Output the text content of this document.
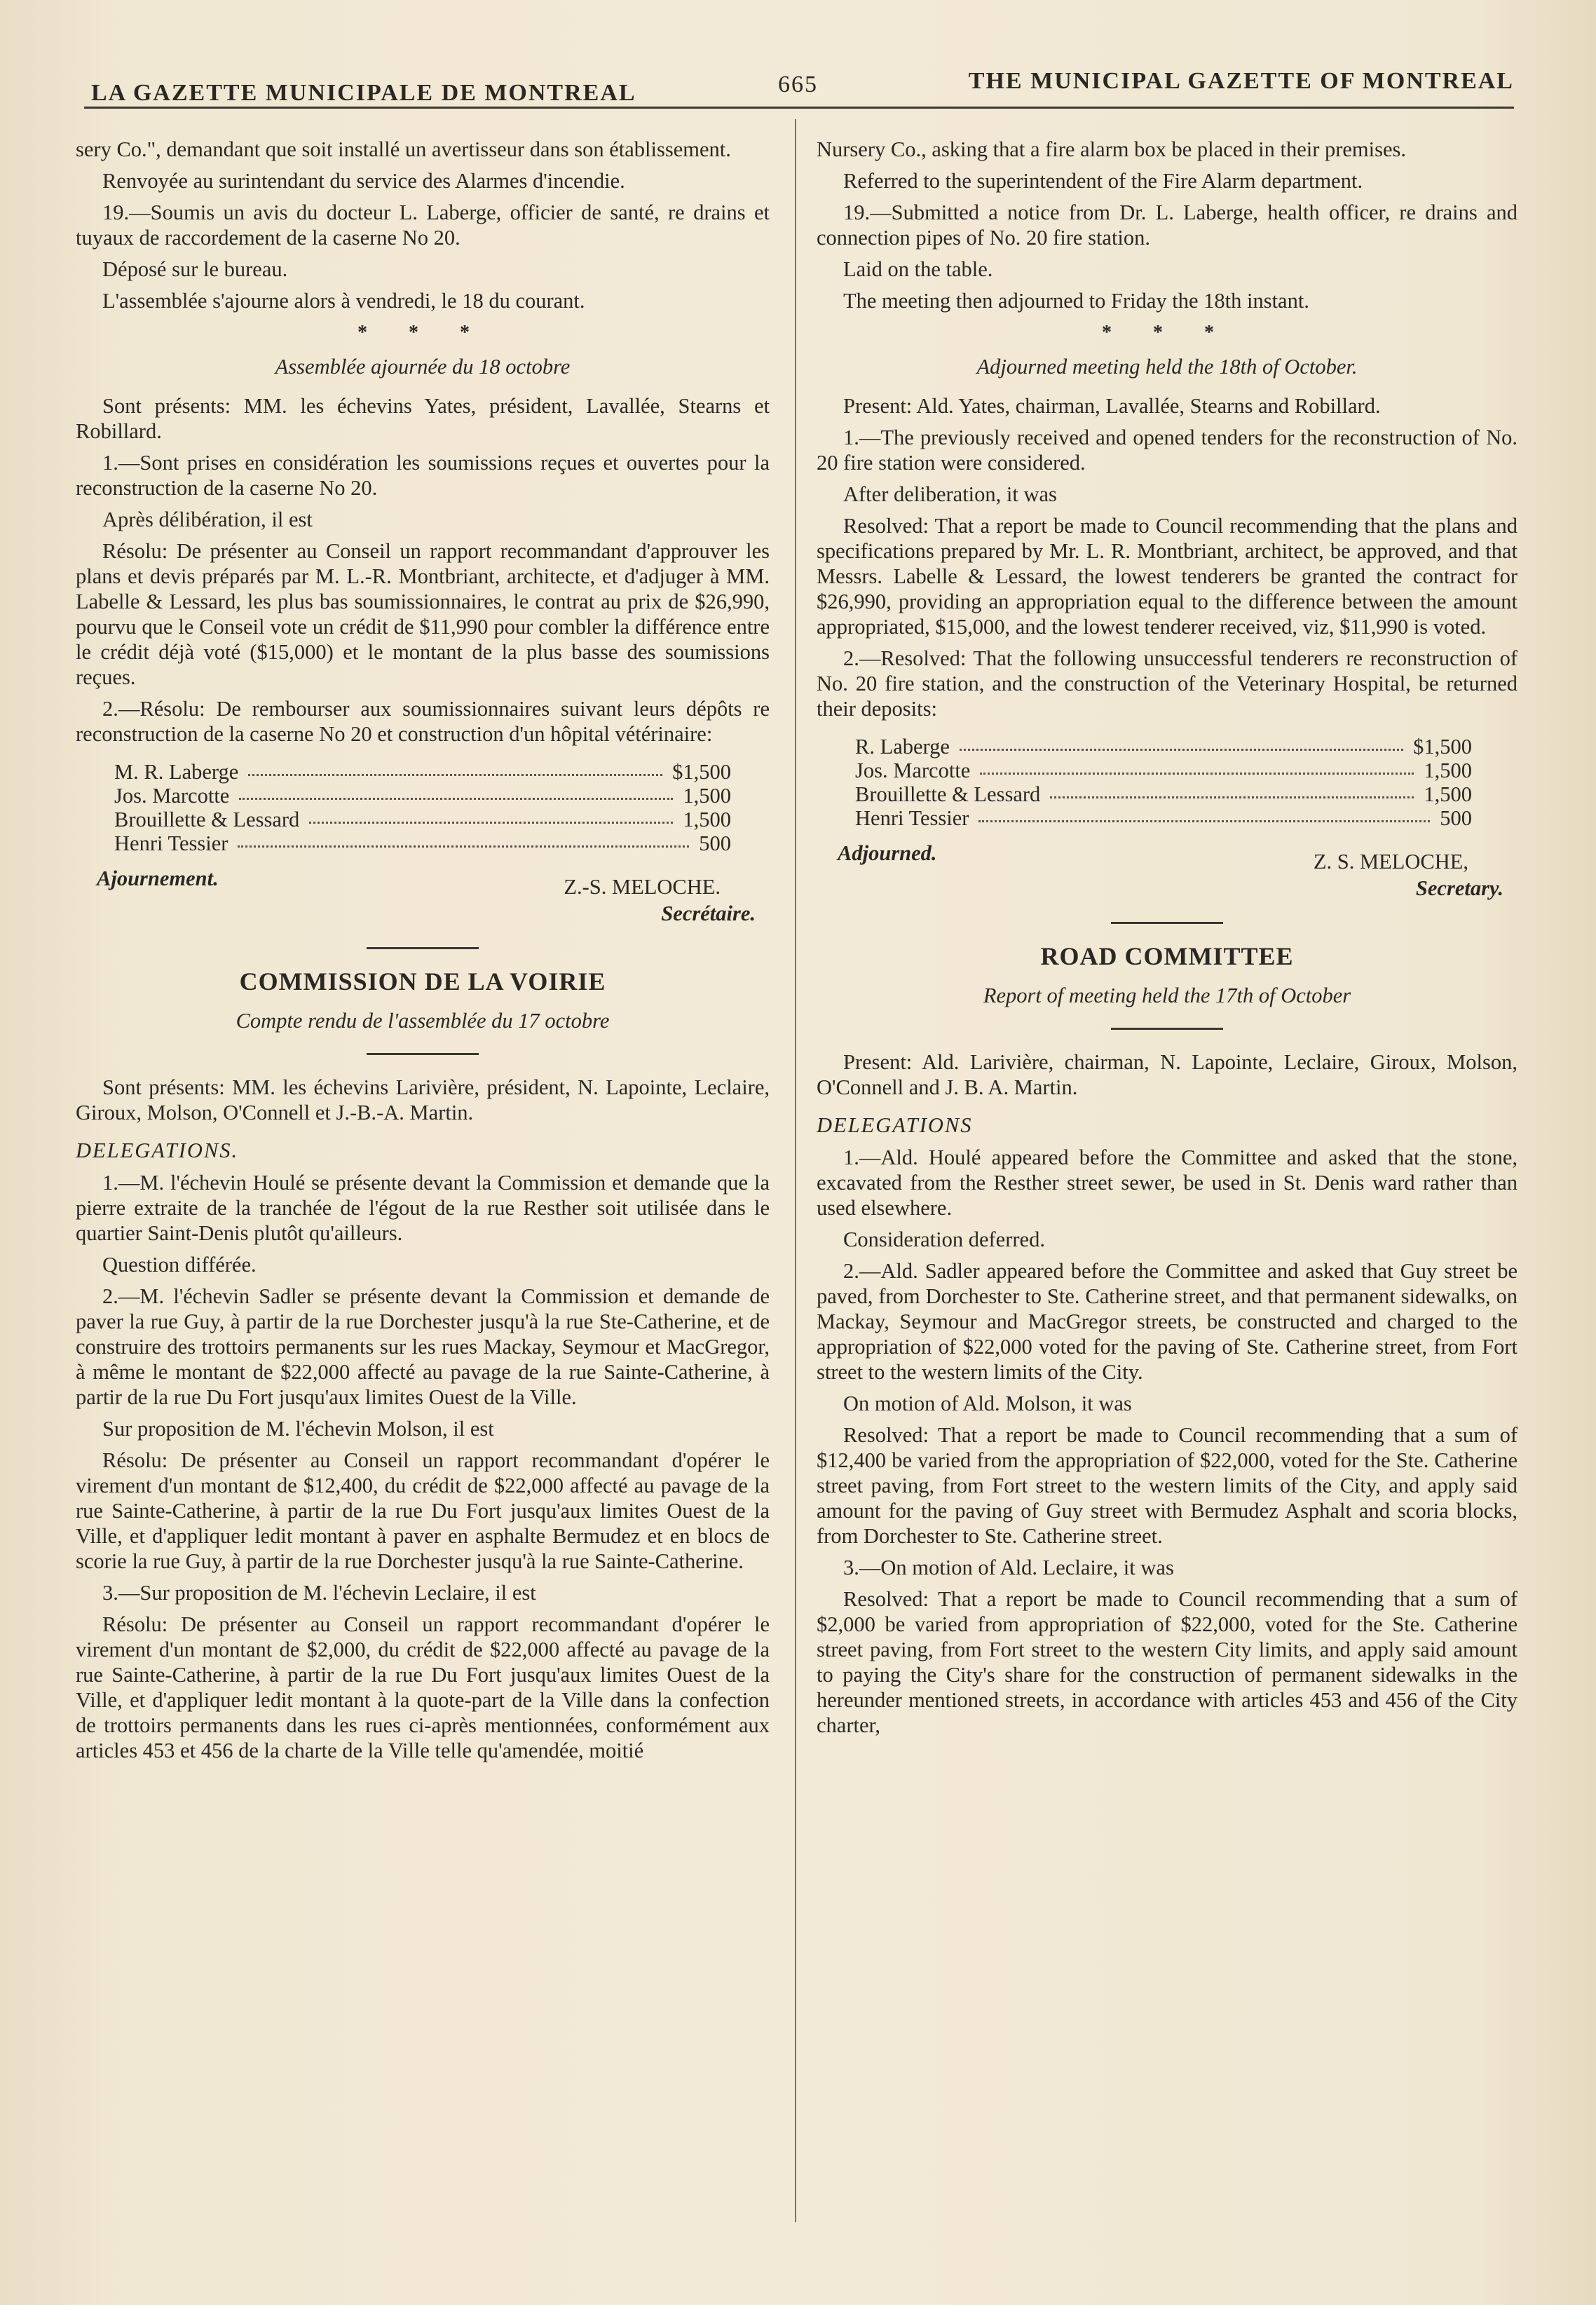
LA GAZETTE MUNICIPALE DE MONTREAL	665	THE MUNICIPAL GAZETTE OF MONTREAL

sery Co.", demandant que soit installé un avertisseur dans son établissement.

Renvoyée au surintendant du service des Alarmes d'incendie.

19.—Soumis un avis du docteur L. Laberge, officier de santé, re drains et tuyaux de raccordement de la caserne No 20.

Déposé sur le bureau.

L'assemblée s'ajourne alors à vendredi, le 18 du courant.

* * *
Assemblée ajournée du 18 octobre

Sont présents: MM. les échevins Yates, président, Lavallée, Stearns et Robillard.

1.—Sont prises en considération les soumissions reçues et ouvertes pour la reconstruction de la caserne No 20.

Après délibération, il est

Résolu: De présenter au Conseil un rapport recommandant d'approuver les plans et devis préparés par M. L.-R. Montbriant, architecte, et d'adjuger à MM. Labelle & Lessard, les plus bas soumissionnaires, le contrat au prix de $26,990, pourvu que le Conseil vote un crédit de $11,990 pour combler la différence entre le crédit déjà voté ($15,000) et le montant de la plus basse des soumissions reçues.

2.—Résolu: De rembourser aux soumissionnaires suivant leurs dépôts re reconstruction de la caserne No 20 et construction d'un hôpital vétérinaire:

M. R. Laberge	$1,500
Jos. Marcotte	1,500
Brouillette & Lessard	1,500
Henri Tessier	500
Ajournement.	Z.-S. MELOCHE.
Secrétaire.
COMMISSION DE LA VOIRIE
Compte rendu de l'assemblée du 17 octobre

Sont présents: MM. les échevins Larivière, président, N. Lapointe, Leclaire, Giroux, Molson, O'Connell et J.-B.-A. Martin.

DELEGATIONS.

1.—M. l'échevin Houlé se présente devant la Commission et demande que la pierre extraite de la tranchée de l'égout de la rue Resther soit utilisée dans le quartier Saint-Denis plutôt qu'ailleurs.

Question différée.

2.—M. l'échevin Sadler se présente devant la Commission et demande de paver la rue Guy, à partir de la rue Dorchester jusqu'à la rue Ste-Catherine, et de construire des trottoirs permanents sur les rues Mackay, Seymour et MacGregor, à même le montant de $22,000 affecté au pavage de la rue Sainte-Catherine, à partir de la rue Du Fort jusqu'aux limites Ouest de la Ville.

Sur proposition de M. l'échevin Molson, il est

Résolu: De présenter au Conseil un rapport recommandant d'opérer le virement d'un montant de $12,400, du crédit de $22,000 affecté au pavage de la rue Sainte-Catherine, à partir de la rue Du Fort jusqu'aux limites Ouest de la Ville, et d'appliquer ledit montant à paver en asphalte Bermudez et en blocs de scorie la rue Guy, à partir de la rue Dorchester jusqu'à la rue Sainte-Catherine.

3.—Sur proposition de M. l'échevin Leclaire, il est

Résolu: De présenter au Conseil un rapport recommandant d'opérer le virement d'un montant de $2,000, du crédit de $22,000 affecté au pavage de la rue Sainte-Catherine, à partir de la rue Du Fort jusqu'aux limites Ouest de la Ville, et d'appliquer ledit montant à la quote-part de la Ville dans la confection de trottoirs permanents dans les rues ci-après mentionnées, conformément aux articles 453 et 456 de la charte de la Ville telle qu'amendée, moitié

Nursery Co., asking that a fire alarm box be placed in their premises.

Referred to the superintendent of the Fire Alarm department.

19.—Submitted a notice from Dr. L. Laberge, health officer, re drains and connection pipes of No. 20 fire station.

Laid on the table.

The meeting then adjourned to Friday the 18th instant.

* * *
Adjourned meeting held the 18th of October.

Present: Ald. Yates, chairman, Lavallée, Stearns and Robillard.

1.—The previously received and opened tenders for the reconstruction of No. 20 fire station were considered.

After deliberation, it was

Resolved: That a report be made to Council recommending that the plans and specifications prepared by Mr. L. R. Montbriant, architect, be approved, and that Messrs. Labelle & Lessard, the lowest tenderers be granted the contract for $26,990, providing an appropriation equal to the difference between the amount appropriated, $15,000, and the lowest tenderer received, viz, $11,990 is voted.

2.—Resolved: That the following unsuccessful tenderers re reconstruction of No. 20 fire station, and the construction of the Veterinary Hospital, be returned their deposits:

R. Laberge	$1,500
Jos. Marcotte	1,500
Brouillette & Lessard	1,500
Henri Tessier	500
Adjourned.	Z. S. MELOCHE,
Secretary.
ROAD COMMITTEE
Report of meeting held the 17th of October

Present: Ald. Larivière, chairman, N. Lapointe, Leclaire, Giroux, Molson, O'Connell and J. B. A. Martin.

DELEGATIONS

1.—Ald. Houlé appeared before the Committee and asked that the stone, excavated from the Resther street sewer, be used in St. Denis ward rather than used elsewhere.

Consideration deferred.

2.—Ald. Sadler appeared before the Committee and asked that Guy street be paved, from Dorchester to Ste. Catherine street, and that permanent sidewalks, on Mackay, Seymour and MacGregor streets, be constructed and charged to the appropriation of $22,000 voted for the paving of Ste. Catherine street, from Fort street to the western limits of the City.

On motion of Ald. Molson, it was

Resolved: That a report be made to Council recommending that a sum of $12,400 be varied from the appropriation of $22,000, voted for the Ste. Catherine street paving, from Fort street to the western limits of the City, and apply said amount for the paving of Guy street with Bermudez Asphalt and scoria blocks, from Dorchester to Ste. Catherine street.

3.—On motion of Ald. Leclaire, it was

Resolved: That a report be made to Council recommending that a sum of $2,000 be varied from appropriation of $22,000, voted for the Ste. Catherine street paving, from Fort street to the western City limits, and apply said amount to paying the City's share for the construction of permanent sidewalks in the hereunder mentioned streets, in accordance with articles 453 and 456 of the City charter,
